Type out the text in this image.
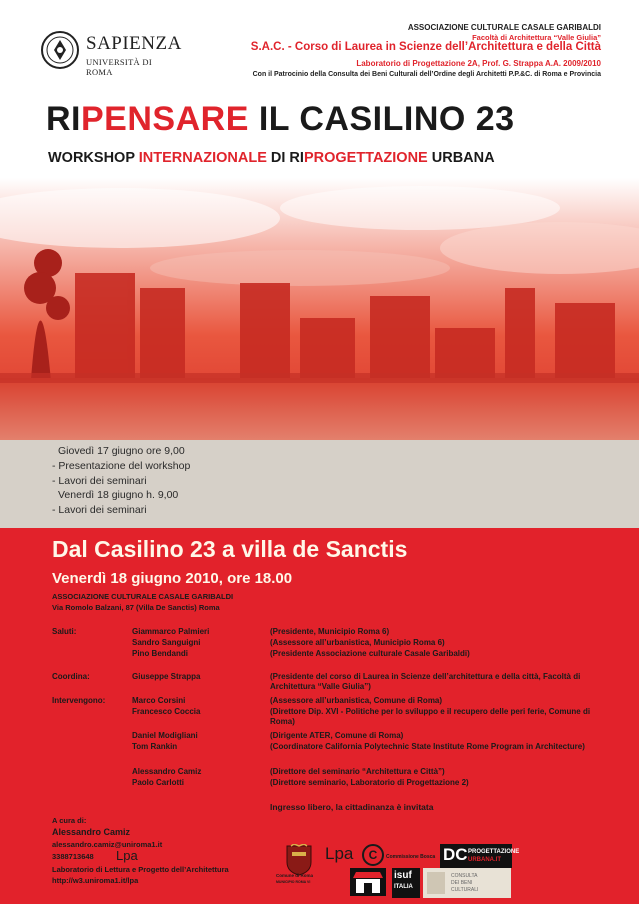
SAPIENZA
UNIVERSITÀ DI ROMA
ASSOCIAZIONE CULTURALE CASALE GARIBALDI
Facoltà di Architettura “Valle Giulia”
S.A.C. - Corso di Laurea in Scienze dell’Architettura e della Città
Laboratorio di Progettazione 2A, Prof. G. Strappa A.A. 2009/2010
Con il Patrocinio della Consulta dei Beni Culturali dell’Ordine degli Architetti P.P.&C. di Roma e Provincia
RIPENSARE IL CASILINO 23
WORKSHOP INTERNAZIONALE DI RIPROGETTAZIONE URBANA
Giovedì 17 giugno ore 9,00
- Presentazione del workshop
- Lavori dei seminari
Venerdì 18 giugno h. 9,00
- Lavori dei seminari
Dal Casilino 23 a villa de Sanctis
Venerdì 18 giugno 2010, ore 18.00
ASSOCIAZIONE CULTURALE CASALE GARIBALDI
Via Romolo Balzani, 87 (Villa De Sanctis) Roma
Saluti:	Giammarco Palmieri	(Presidente, Municipio Roma 6)
Sandro Sanguigni	(Assessore all’urbanistica, Municipio Roma 6)
Pino Bendandi	(Presidente Associazione culturale Casale Garibaldi)
Coordina:	Giuseppe Strappa	(Presidente del corso di Laurea in Scienze dell’architettura e della città, Facoltà di Architettura “Valle Giulia”)
Intervengono:	Marco Corsini	(Assessore all’urbanistica, Comune di Roma)
Francesco Coccia	(Direttore Dip. XVI - Politiche per lo sviluppo e il recupero delle peri ferie, Comune di Roma)
Daniel Modigliani	(Dirigente ATER, Comune di Roma)
Tom Rankin	(Coordinatore California Polytechnic State Institute Rome Program in Architecture)
Alessandro Camiz	(Direttore del seminario “Architettura e Città”)
Paolo Carlotti	(Direttore seminario, Laboratorio di Progettazione 2)
Ingresso libero, la cittadinanza è invitata
A cura di:
Alessandro Camiz
alessandro.camiz@uniroma1.it
3388713648 Lpa
Laboratorio di Lettura e Progetto dell’Architettura
http://w3.uniroma1.it/lpa
Comune di Roma
MUNICIPIO ROMA VI
Lpa	C	Commissione Bosca DC PROGETTAZIONE
URBANA.IT
isuf
ITALIA
CONSULTA
DEI BENI
CULTURALI
